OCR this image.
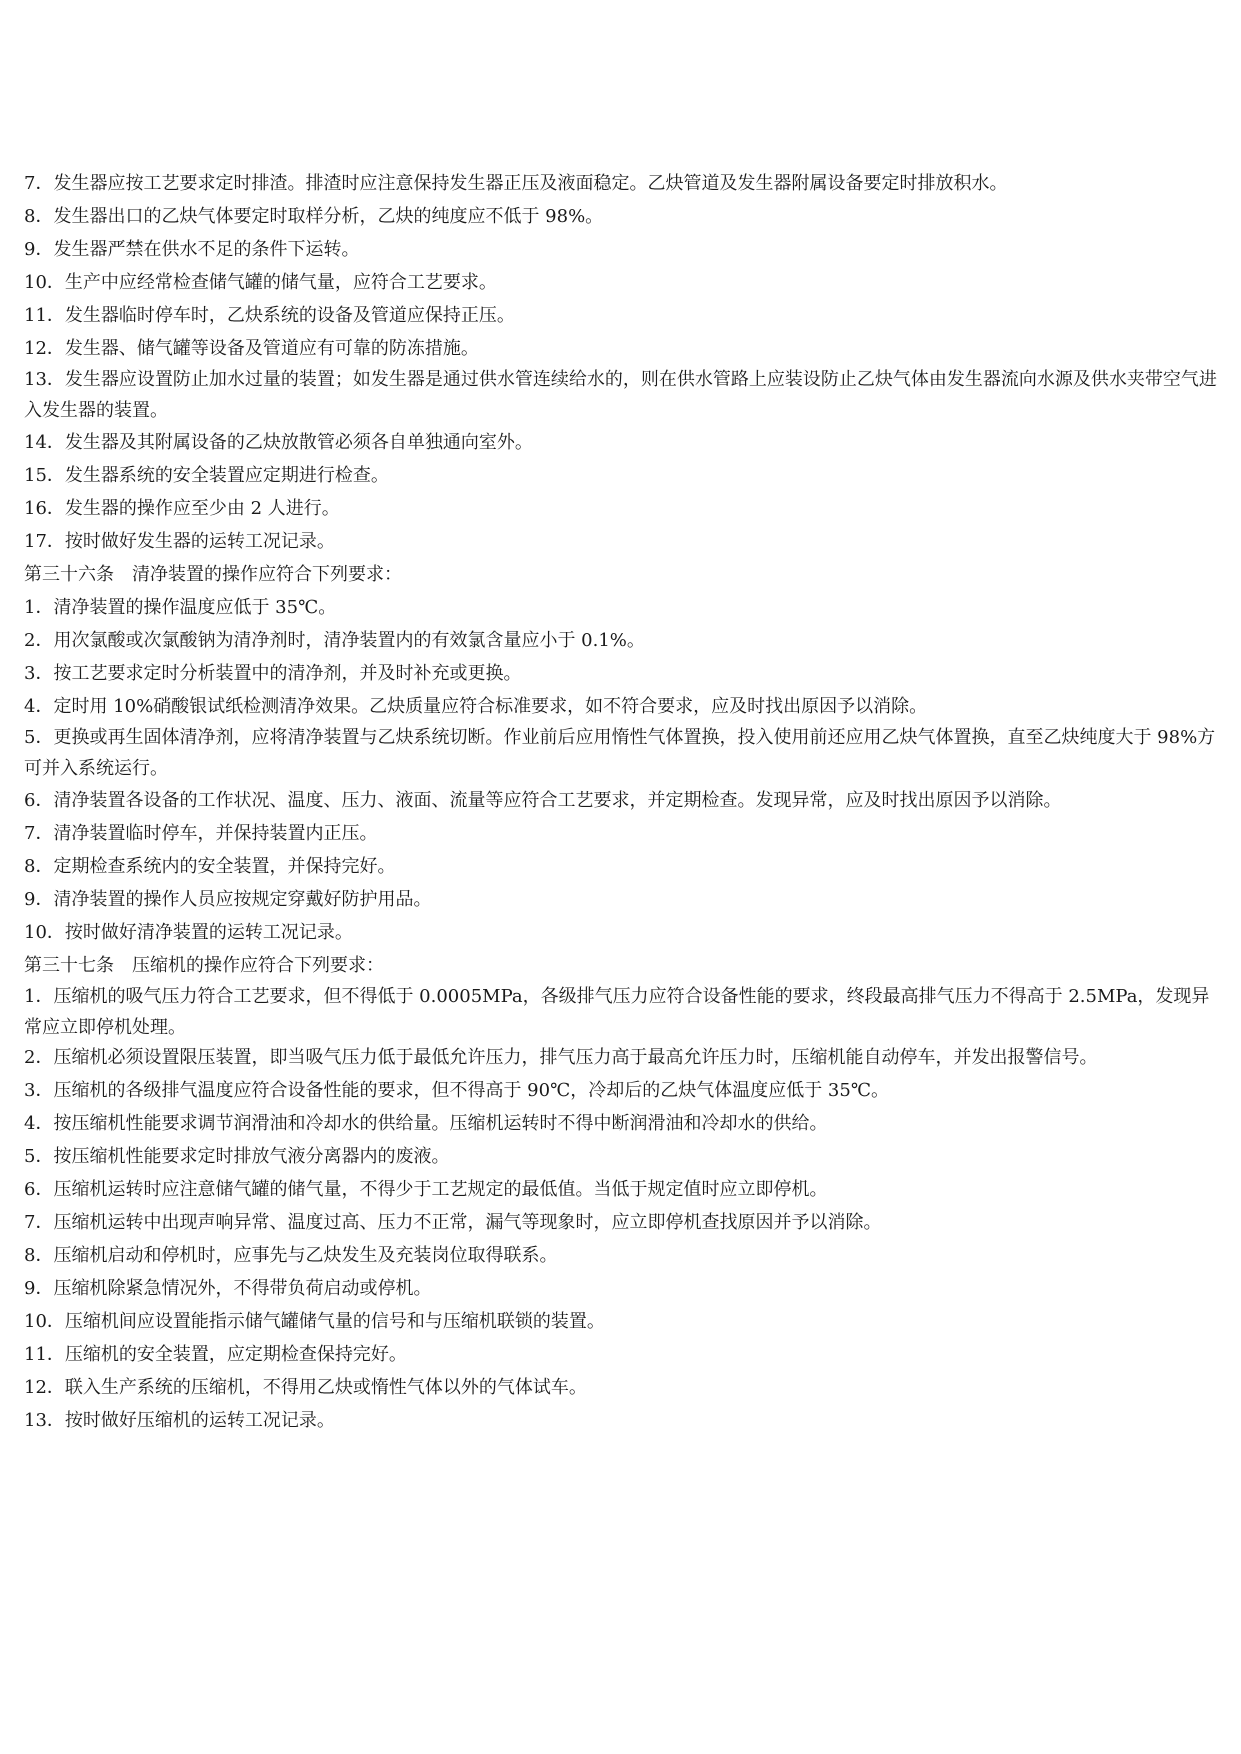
7．发生器应按工艺要求定时排渣。排渣时应注意保持发生器正压及液面稳定。乙炔管道及发生器附属设备要定时排放积水。

8．发生器出口的乙炔气体要定时取样分析，乙炔的纯度应不低于 98%。

9．发生器严禁在供水不足的条件下运转。

10．生产中应经常检查储气罐的储气量，应符合工艺要求。

11．发生器临时停车时，乙炔系统的设备及管道应保持正压。

12．发生器、储气罐等设备及管道应有可靠的防冻措施。

13．发生器应设置防止加水过量的装置；如发生器是通过供水管连续给水的，则在供水管路上应装设防止乙炔气体由发生器流向水源及供水夹带空气进入发生器的装置。

14．发生器及其附属设备的乙炔放散管必须各自单独通向室外。

15．发生器系统的安全装置应定期进行检查。

16．发生器的操作应至少由 2 人进行。

17．按时做好发生器的运转工况记录。

第三十六条　清净装置的操作应符合下列要求：

1．清净装置的操作温度应低于 35℃。

2．用次氯酸或次氯酸钠为清净剂时，清净装置内的有效氯含量应小于 0.1%。

3．按工艺要求定时分析装置中的清净剂，并及时补充或更换。

4．定时用 10%硝酸银试纸检测清净效果。乙炔质量应符合标准要求，如不符合要求，应及时找出原因予以消除。

5．更换或再生固体清净剂，应将清净装置与乙炔系统切断。作业前后应用惰性气体置换，投入使用前还应用乙炔气体置换，直至乙炔纯度大于 98%方可并入系统运行。

6．清净装置各设备的工作状况、温度、压力、液面、流量等应符合工艺要求，并定期检查。发现异常，应及时找出原因予以消除。

7．清净装置临时停车，并保持装置内正压。

8．定期检查系统内的安全装置，并保持完好。

9．清净装置的操作人员应按规定穿戴好防护用品。

10．按时做好清净装置的运转工况记录。

第三十七条　压缩机的操作应符合下列要求：

1．压缩机的吸气压力符合工艺要求，但不得低于 0.0005MPa，各级排气压力应符合设备性能的要求，终段最高排气压力不得高于 2.5MPa，发现异常应立即停机处理。

2．压缩机必须设置限压装置，即当吸气压力低于最低允许压力，排气压力高于最高允许压力时，压缩机能自动停车，并发出报警信号。

3．压缩机的各级排气温度应符合设备性能的要求，但不得高于 90℃，冷却后的乙炔气体温度应低于 35℃。

4．按压缩机性能要求调节润滑油和冷却水的供给量。压缩机运转时不得中断润滑油和冷却水的供给。

5．按压缩机性能要求定时排放气液分离器内的废液。

6．压缩机运转时应注意储气罐的储气量，不得少于工艺规定的最低值。当低于规定值时应立即停机。

7．压缩机运转中出现声响异常、温度过高、压力不正常，漏气等现象时，应立即停机查找原因并予以消除。

8．压缩机启动和停机时，应事先与乙炔发生及充装岗位取得联系。

9．压缩机除紧急情况外，不得带负荷启动或停机。

10．压缩机间应设置能指示储气罐储气量的信号和与压缩机联锁的装置。

11．压缩机的安全装置，应定期检查保持完好。

12．联入生产系统的压缩机，不得用乙炔或惰性气体以外的气体试车。

13．按时做好压缩机的运转工况记录。
